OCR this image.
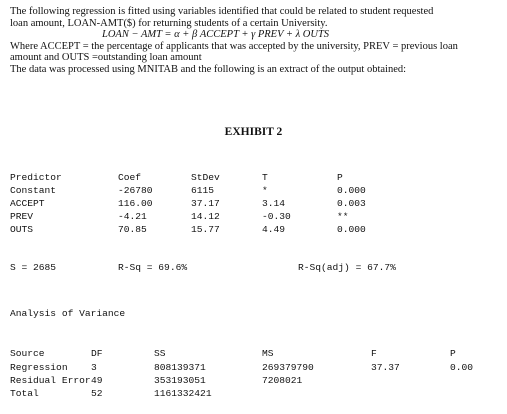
The following regression is fitted using variables identified that could be related to student requested

loan amount, LOAN-AMT($) for returning students of a certain University.

LOAN − AMT = α + β ACCEPT + γ PREV + λ OUTS

Where ACCEPT = the percentage of applicants that was accepted by the university, PREV = previous loan amount and OUTS =outstanding loan amount

The data was processed using MNITAB and the following is an extract of the output obtained:

EXHIBIT 2
Predictor	Coef	StDev	T	P
Constant	-26780	6115	*	0.000
ACCEPT	116.00	37.17	3.14	0.003
PREV	-4.21	14.12	-0.30	**
OUTS	70.85	15.77	4.49	0.000
S = 2685	R-Sq = 69.6%	R-Sq(adj) = 67.7%
Analysis of Variance
Source	DF	SS	MS	F	P
Regression 3	808139371	269379790	37.37	0.00
Residual Error 49	353193051	7208021
Total	52	1161332421
